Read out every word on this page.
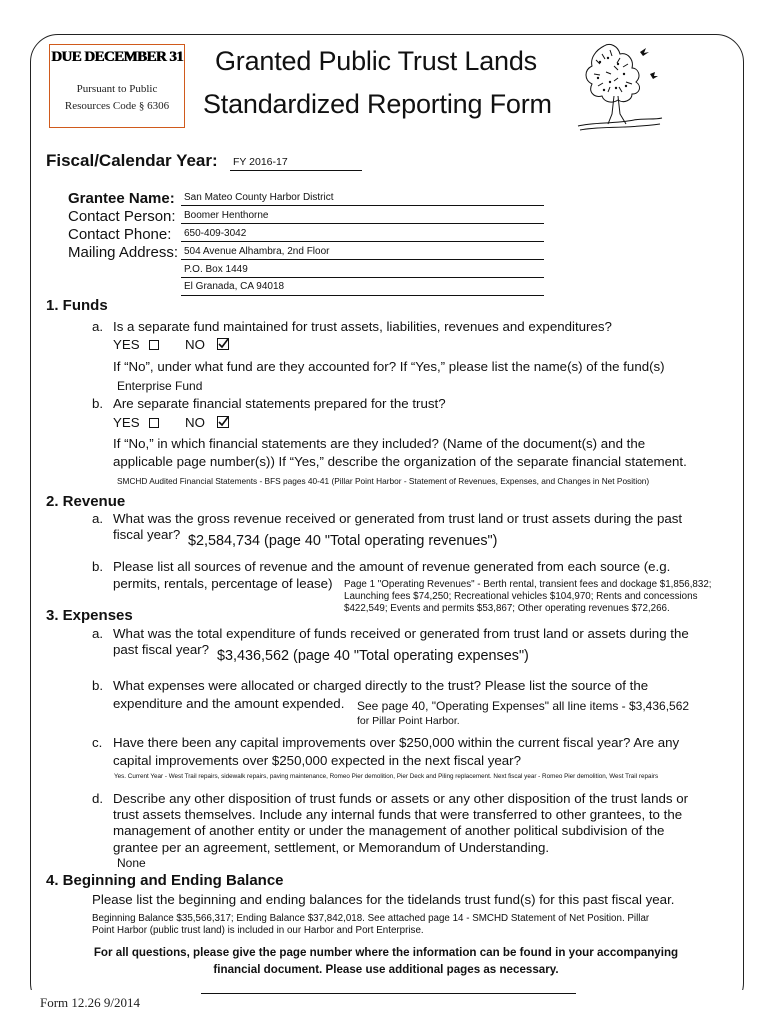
DUE DECEMBER 31
Pursuant to Public
Resources Code § 6306
Granted Public Trust Lands
Standardized Reporting Form
Fiscal/Calendar Year: FY 2016-17
Grantee Name: San Mateo County Harbor District
Contact Person: Boomer Henthorne
Contact Phone: 650-409-3042
Mailing Address: 504 Avenue Alhambra, 2nd Floor
P.O. Box 1449
El Granada, CA 94018
1. Funds
a. Is a separate fund maintained for trust assets, liabilities, revenues and expenditures?
YES	NO
If “No”, under what fund are they accounted for? If “Yes,” please list the name(s) of the fund(s)
Enterprise Fund
b. Are separate financial statements prepared for the trust?
YES	NO
If “No,” in which financial statements are they included? (Name of the document(s) and the
applicable page number(s)) If “Yes,” describe the organization of the separate financial statement.
SMCHD Audited Financial Statements - BFS pages 40-41 (Pillar Point Harbor - Statement of Revenues, Expenses, and Changes in Net Position)
2. Revenue
a. What was the gross revenue received or generated from trust land or trust assets during the past
fiscal year? $2,584,734 (page 40 "Total operating revenues")
b. Please list all sources of revenue and the amount of revenue generated from each source (e.g.
permits, rentals, percentage of lease) Page 1 "Operating Revenues" - Berth rental, transient fees and dockage $1,856,832;
Launching fees $74,250; Recreational vehicles $104,970; Rents and concessions
$422,549; Events and permits $53,867; Other operating revenues $72,266.
3. Expenses
a. What was the total expenditure of funds received or generated from trust land or assets during the
past fiscal year? $3,436,562 (page 40 "Total operating expenses")
b. What expenses were allocated or charged directly to the trust? Please list the source of the
expenditure and the amount expended. See page 40, "Operating Expenses" all line items - $3,436,562
for Pillar Point Harbor.
c. Have there been any capital improvements over $250,000 within the current fiscal year? Are any
capital improvements over $250,000 expected in the next fiscal year?
Yes. Current Year - West Trail repairs, sidewalk repairs, paving maintenance, Romeo Pier demolition, Pier Deck and Piling replacement. Next fiscal year - Romeo Pier demolition, West Trail repairs
d. Describe any other disposition of trust funds or assets or any other disposition of the trust lands or
trust assets themselves. Include any internal funds that were transferred to other grantees, to the
management of another entity or under the management of another political subdivision of the
grantee per an agreement, settlement, or Memorandum of Understanding.
None
4. Beginning and Ending Balance
Please list the beginning and ending balances for the tidelands trust fund(s) for this past fiscal year.
Beginning Balance $35,566,317; Ending Balance $37,842,018. See attached page 14 - SMCHD Statement of Net Position. Pillar
Point Harbor (public trust land) is included in our Harbor and Port Enterprise.
For all questions, please give the page number where the information can be found in your accompanying
financial document. Please use additional pages as necessary.
Form 12.26 9/2014
